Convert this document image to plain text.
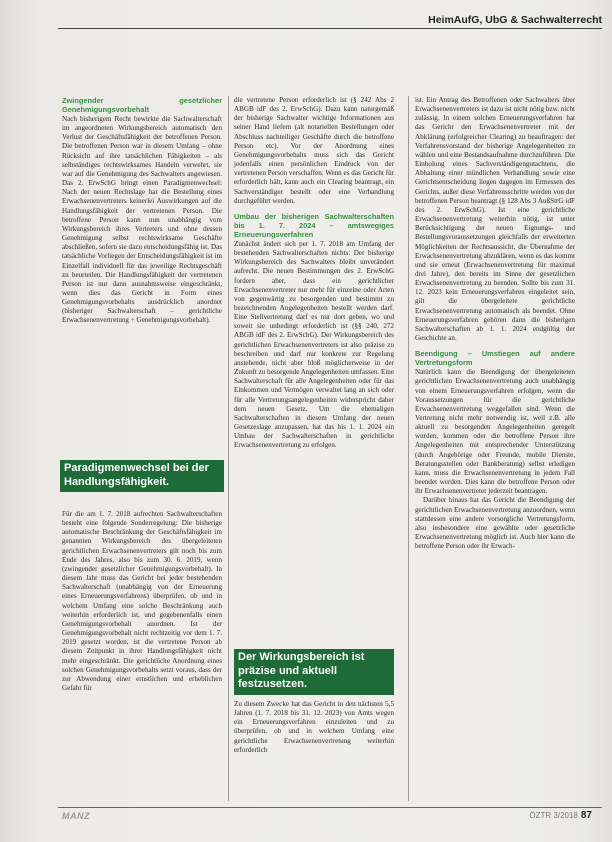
HeimAufG, UbG & Sachwalterrecht
Zwingender gesetzlicher Genehmigungsvorbehalt

Nach bisherigem Recht bewirkte die Sachwalterschaft im angeordneten Wirkungsbereich automatisch den Verlust der Geschäftsfähigkeit der betroffenen Person. Die betroffenen Person war in diesem Umfang – ohne Rücksicht auf ihre tatsächlichen Fähigkeiten – als selbständiges rechtswirksames Handeln verwehrt, sie war auf die Genehmigung des Sachwalters angewiesen. Das 2. ErwSchG bringt einen Paradigmenwechsel: Nach der neuen Rechtslage hat die Bestellung eines Erwachsenenvertreters keinerlei Auswirkungen auf die Handlungsfähigkeit der vertretenen Person. Die betroffene Person kann nun unabhängig vom Wirkungsbereich ihres Vertreters und ohne dessen Genehmigung selbst rechtswirksame Geschäfte abschließen, sofern sie dazu entscheidungsfähig ist. Das tatsächliche Vorliegen der Entscheidungsfähigkeit ist im Einzelfall individuell für das jeweilige Rechtsgeschäft zu beurteilen. Die Handlungsfähigkeit der vertretenen Person ist nur dann ausnahmsweise eingeschränkt, wenn dies das Gericht in Form eines Genehmigungsvorbehalts ausdrücklich anordnet (bisheriger Sachwalterschaft – gerichtliche Erwachsenenvertretung + Genehmigungsvorbehalt).

Paradigmenwechsel bei der Handlungsfähigkeit.

Für die am 1. 7. 2018 aufrechten Sachwalterschaften besteht eine folgende Sonderregelung: Die bisherige automatische Beschränkung der Geschäftsfähigkeit im genannten Wirkungsbereich des übergeleiteten gerichtlichen Erwachsenenvertreters gilt noch bis zum Ende des Jahres, also bis zum 30. 6. 2019, wenn (zwingender gesetzlicher Genehmigungsvorbehalt). In diesem Jahr muss das Gericht bei jeder bestehenden Sachwalterschaft (unabhängig von der Erneuerung eines Erneuerungsverfahrens) überprüfen, ob und in welchem Umfang eine solche Beschränkung auch weiterhin erforderlich ist, und gegebenenfalls einen Genehmigungsvorbehalt anordnen. Ist der Genehmigungsvorbehalt nicht rechtzeitig vor dem 1. 7. 2019 gesetzt worden, ist die vertretene Person ab diesem Zeitpunkt in ihrer Handlungsfähigkeit nicht mehr eingeschränkt. Die gerichtliche Anordnung eines solchen Genehmigungsvorbehalts setzt voraus, dass der zur Abwendung einer ernstlichen und erheblichen Gefahr für

die vertretene Person erforderlich ist (§ 242 Abs 2 ABGB idF des 2. ErwSchG). Dazu kann naturgemäß der bisherige Sachwalter wichtige Informationen aus seiner Hand liefern (alt notariellen Bestellungen oder Abschluss nachteiliger Geschäfte durch die betroffene Person etc). Vor der Anordnung eines Genehmigungsvorbehalts muss sich das Gericht jedenfalls einen persönlichen Eindruck von der vertretenen Person verschaffen. Wenn es das Gericht für erforderlich hält, kann auch ein Clearing beantragt, ein Sachverständiger bestellt oder eine Verhandlung durchgeführt werden.

Umbau der bisherigen Sachwalterschaften bis 1. 7. 2024 – amtswegiges Erneuerungsverfahren

Zunächst ändert sich per 1. 7. 2018 am Umfang der bestehenden Sachwalterschaften nichts: Der bisherige Wirkungsbereich des Sachwalters bleibt unverändert aufrecht. Die neuen Bestimmungen des 2. ErwSchG fordern aber, dass ein gerichtlicher Erwachsenenvertreter nur mehr für einzelne oder Arten von gegenwärtig zu besorgenden und bestimmt zu bezeichnenden Angelegenheiten bestellt werden darf. Eine Stellvertretung darf es nur dort geben, wo und soweit sie unbedingt erforderlich ist (§§ 240, 272 ABGB idF des 2. ErwSchG). Der Wirkungsbereich des gerichtlichen Erwachsenenvertreters ist also präzise zu beschreiben und darf nur konkrete zur Regelung anstehende, nicht aber bloß möglicherweise in der Zukunft zu besorgende Angelegenheiten umfassen. Eine Sachwalterschaft für alle Angelegenheiten oder für das Einkommen und Vermögen verwaltet lang an sich oder für alle Vertretungsangelegenheiten widerspricht daher dem neuen Gesetz. Um die ehemaligen Sachwalterschaften in diesem Umfang der neuen Gesetzeslage anzupassen, hat das bis 1. 1. 2024 ein Umbau der Sachwalterschaften in gerichtliche Erwachsenenvertretung zu erfolgen.

Der Wirkungsbereich ist präzise und aktuell festzusetzen.

Zu diesem Zwecke hat das Gericht in den nächsten 5,5 Jahren (1. 7. 2018 bis 31. 12. 2023) von Amts wegen ein Erneuerungsverfahren einzuleiten und zu überprüfen, ob und in welchem Umfang eine gerichtliche Erwachsenenvertretung weiterhin erforderlich

ist. Ein Antrag des Betroffenen oder Sachwalters über Erwachsenenvertreters ist dazu ist nicht nötig bzw. nicht zulässig. In einem solchen Erneuerungsverfahren hat das Gericht den Erwachsenenvertreter mit der Abklärung (erfolgreicher Clearing) zu beauftragen: der Verfahrensvorstand der bisherige Angelegenheiten zu wählen und eine Bestandsaufnahme durchzuführen. Die Einholung eines Sachverständigengutachtens, die Abhaltung einer mündlichen Verhandlung sowie eine Gerichtsentscheidung liegen dagegen im Ermessen des Gerichts, außer diese Verfahrensschritte werden von der betroffenen Person beantragt (§ 128 Abs 3 AußStrG idF des 2. ErwSchG). Ist eine gerichtliche Erwachsenenvertretung weiterhin nötig, ist unter Berücksichtigung der neuen Eignungs- und Bestellungsvoraussetzungen gleichfalls der erweiterten Möglichkeiten der Rechtsaussicht, die Übernahme der Erwachsenenvertretung abzuklären, wenn es das kommt und sie erneut (Erwachsenenvertretung für maximal drei Jahre), den bereits im Sinne der gesetzlichen Erwachsenenvertretung zu beenden. Sollte bis zum 31. 12. 2023 kein Erneuerungsverfahren eingeleitet sein, gilt die übergeleitete gerichtliche Erwachsenenvertretung automatisch als beendet. Ohne Erneuerungsverfahren gehören dann die bisherigen Sachwalterschaften ab 1. 1. 2024 endgültig der Geschichte an.

Beendigung – Umstiegen auf andere Vertretungsform

Natürlich kann die Beendigung der übergeleiteten gerichtlichen Erwachsenenvertretung auch unabhängig von einem Erneuerungsverfahren erfolgen, wenn die Voraussetzungen für die gerichtliche Erwachsenenvertretung weggefallen sind. Wenn die Vertretung nicht mehr notwendig ist, weil z.B. alle aktuell zu besorgenden Angelegenheiten geregelt wurden, kommen oder die betroffene Person ihre Angelegenheiten mit entsprechender Unterstützung (durch Angehörige oder Freunde, mobile Dienste, Beratungsstellen oder Bankberatung) selbst erledigen kann, muss die Erwachsenenvertretung in jedem Fall beendet werden. Dies kann die betroffene Person oder ihr Erwachsenenvertreter jederzeit beantragen.

Darüber hinaus hat das Gericht die Beendigung der gerichtlichen Erwachsenenvertretung anzuordnen, wenn stattdessen eine andere vorsorgliche Vertretungsform, also insbesondere eine gewählte oder gesetzliche Erwachsenenvertretung möglich ist. Auch hier kann die betroffene Person oder ihr Erwach-

MANZ	ÖZTR 3/2018 87
